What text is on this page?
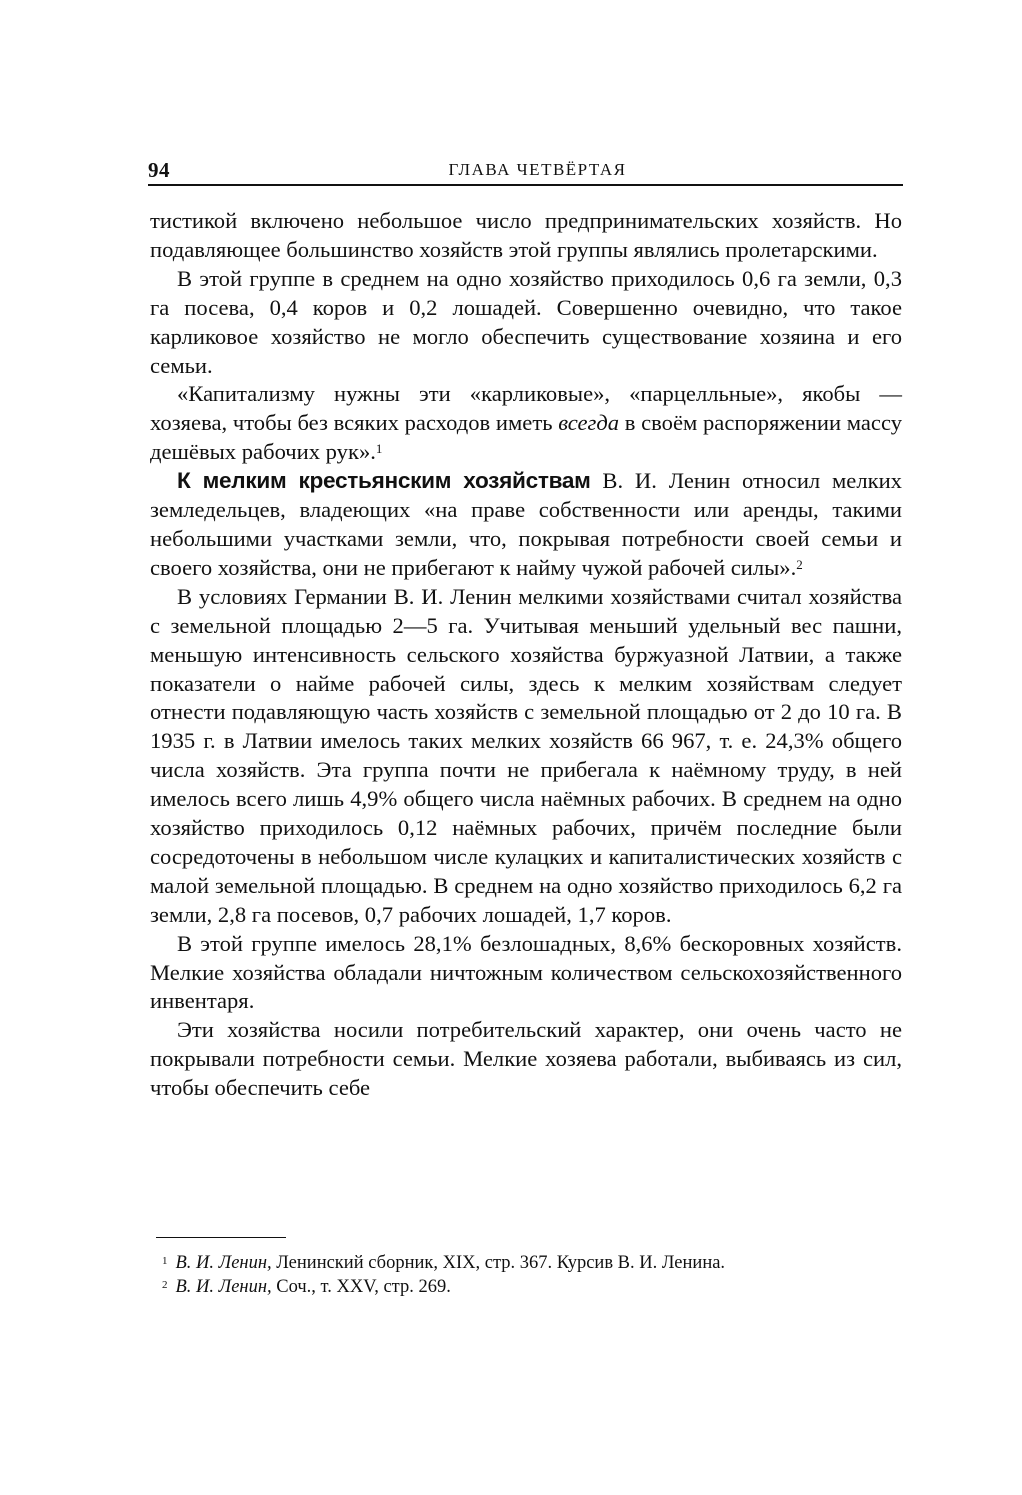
94	ГЛАВА ЧЕТВЁРТАЯ

тистикой включено небольшое число предпринимательских хозяйств. Но подавляющее большинство хозяйств этой группы являлись пролетарскими.

В этой группе в среднем на одно хозяйство приходилось 0,6 га земли, 0,3 га посева, 0,4 коров и 0,2 лошадей. Совершенно очевидно, что такое карликовое хозяйство не могло обеспечить существование хозяина и его семьи.

«Капитализму нужны эти «карликовые», «парцелльные», якобы — хозяева, чтобы без всяких расходов иметь всегда в своём распоряжении массу дешёвых рабочих рук».$^1$

К мелким крестьянским хозяйствам В. И. Ленин относил мелких земледельцев, владеющих «на праве собственности или аренды, такими небольшими участками земли, что, покрывая потребности своей семьи и своего хозяйства, они не прибегают к найму чужой рабочей силы».$^2$

В условиях Германии В. И. Ленин мелкими хозяйствами считал хозяйства с земельной площадью 2—5 га. Учитывая меньший удельный вес пашни, меньшую интенсивность сельского хозяйства буржуазной Латвии, а также показатели о найме рабочей силы, здесь к мелким хозяйствам следует отнести подавляющую часть хозяйств с земельной площадью от 2 до 10 га. В 1935 г. в Латвии имелось таких мелких хозяйств 66 967, т. е. 24,3% общего числа хозяйств. Эта группа почти не прибегала к наёмному труду, в ней имелось всего лишь 4,9% общего числа наёмных рабочих. В среднем на одно хозяйство приходилось 0,12 наёмных рабочих, причём последние были сосредоточены в небольшом числе кулацких и капиталистических хозяйств с малой земельной площадью. В среднем на одно хозяйство приходилось 6,2 га земли, 2,8 га посевов, 0,7 рабочих лошадей, 1,7 коров.

В этой группе имелось 28,1% безлошадных, 8,6% бескоровных хозяйств. Мелкие хозяйства обладали ничтожным количеством сельскохозяйственного инвентаря.

Эти хозяйства носили потребительский характер, они очень часто не покрывали потребности семьи. Мелкие хозяева работали, выбиваясь из сил, чтобы обеспечить себе

$^1$ В. И. Ленин, Ленинский сборник, XIX, стр. 367. Курсив В. И. Ленина.

$^2$ В. И. Ленин, Соч., т. XXV, стр. 269.
